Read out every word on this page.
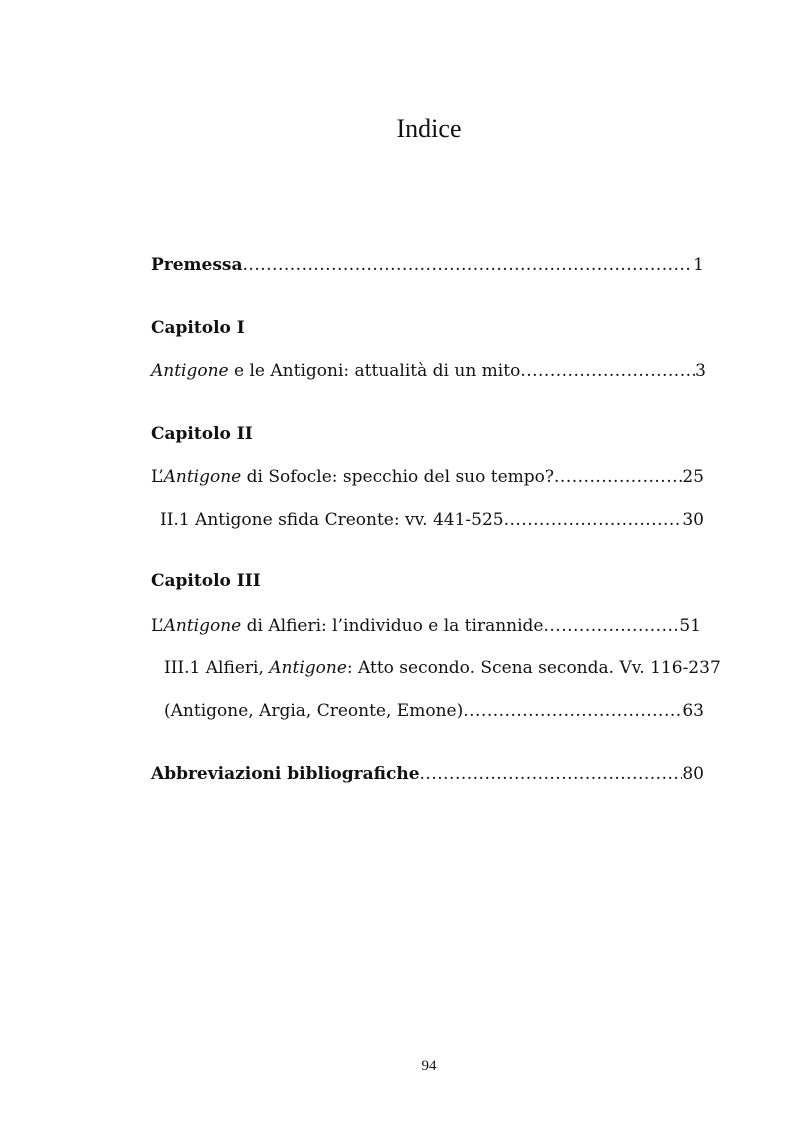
Indice
Premessa .....	1
Capitolo I
Antigone e le Antigoni: attualità di un mito .....	3
Capitolo II
L’Antigone di Sofocle: specchio del suo tempo? .....	25
II.1 Antigone sfida Creonte: vv. 441-525 .....	30
Capitolo III
L’Antigone di Alfieri: l’individuo e la tirannide .....	51
III.1 Alfieri, Antigone: Atto secondo. Scena seconda. Vv. 116-237
(Antigone, Argia, Creonte, Emone) .....	63
Abbreviazioni bibliografiche .....	80
94
